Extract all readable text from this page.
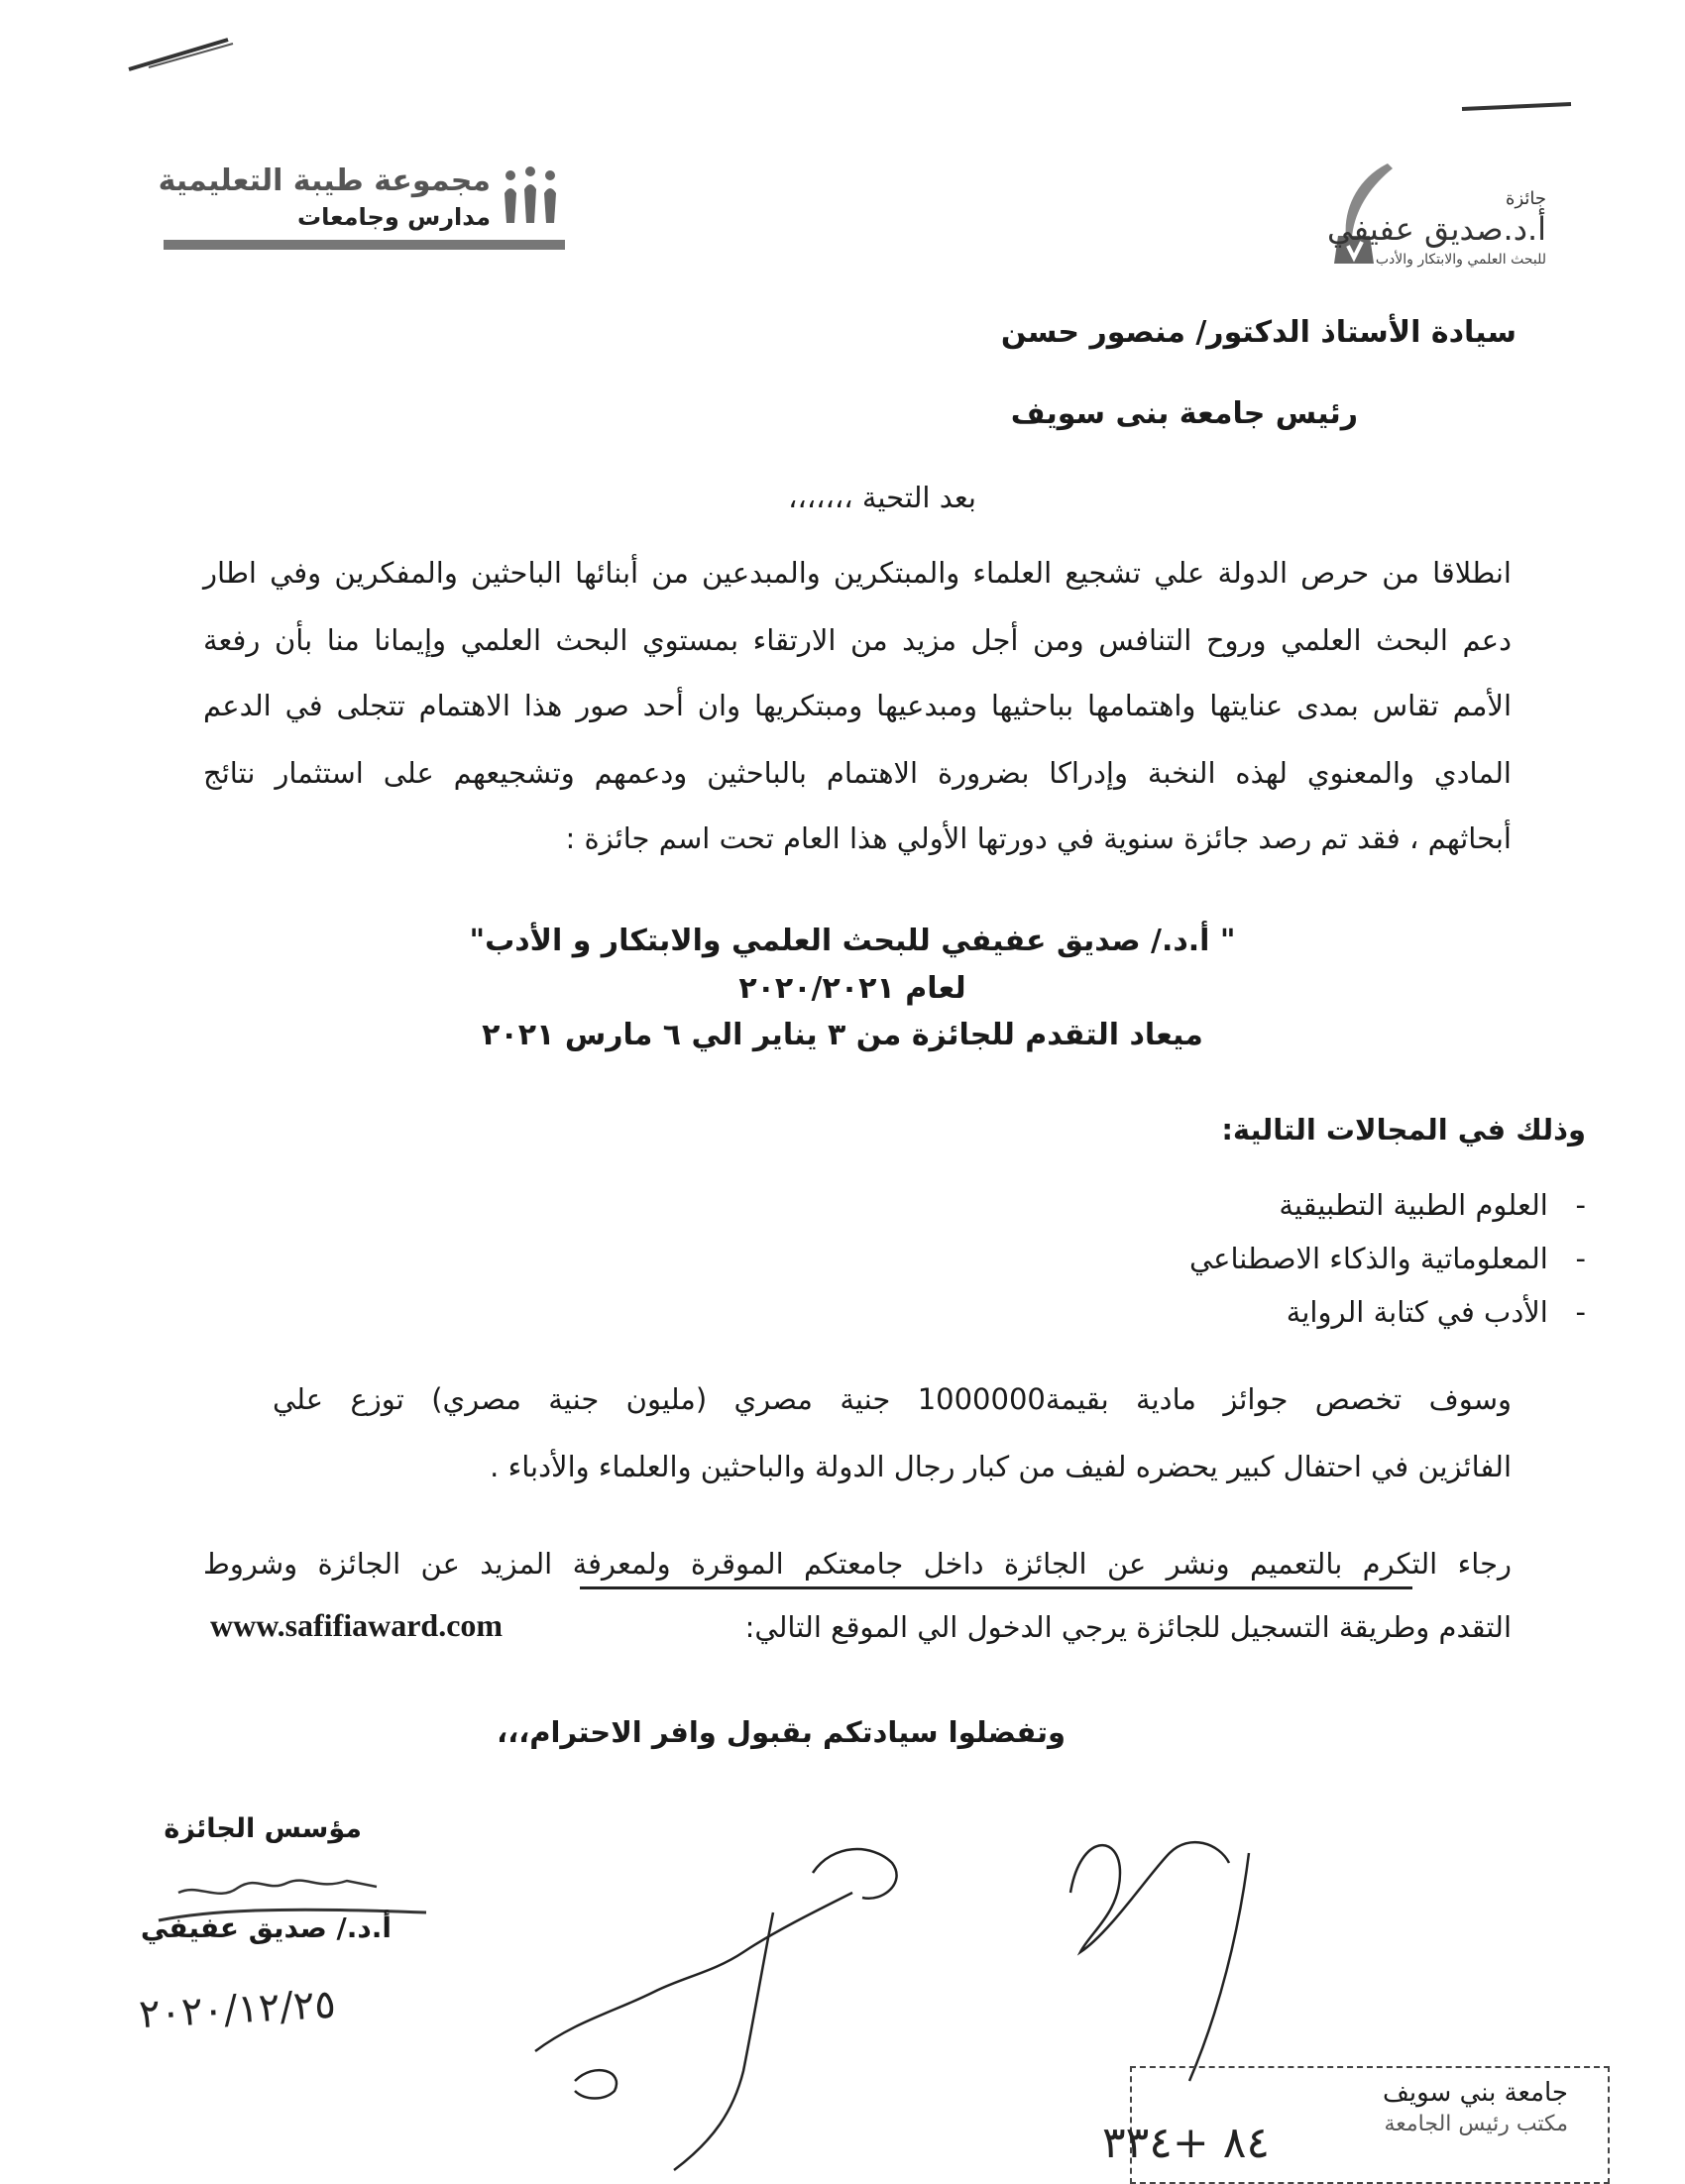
جائزة
أ.د.صديق عفيفي
للبحث العلمي والابتكار والأدب
مجموعة طيبة التعليمية
مدارس وجامعات
سيادة الأستاذ الدكتور/ منصور حسن
رئيس جامعة بنى سويف
بعد التحية ،،،،،،،
انطلاقا من حرص الدولة علي تشجيع العلماء والمبتكرين والمبدعين من أبنائها الباحثين والمفكرين وفي اطار
دعم البحث العلمي وروح التنافس ومن أجل مزيد من الارتقاء بمستوي البحث العلمي وإيمانا منا بأن رفعة
الأمم تقاس بمدى عنايتها واهتمامها بباحثيها ومبدعيها ومبتكريها وان أحد صور هذا الاهتمام تتجلى في الدعم
المادي والمعنوي لهذه النخبة وإدراكا بضرورة الاهتمام بالباحثين ودعمهم وتشجيعهم على استثمار نتائج
أبحاثهم ، فقد تم رصد جائزة سنوية في دورتها الأولي هذا العام تحت اسم جائزة :
" أ.د./ صديق عفيفي للبحث العلمي والابتكار و الأدب"
لعام ٢٠٢٠/٢٠٢١
ميعاد التقدم للجائزة من ٣ يناير الي ٦ مارس ٢٠٢١
وذلك في المجالات التالية:
-   العلوم الطبية التطبيقية
-   المعلوماتية والذكاء الاصطناعي
-   الأدب في كتابة الرواية
وسوف تخصص جوائز مادية بقيمة1000000 جنية مصري (مليون جنية مصري) توزع علي
الفائزين في احتفال كبير يحضره لفيف من كبار رجال الدولة والباحثين والعلماء والأدباء .
رجاء التكرم بالتعميم ونشر عن الجائزة داخل جامعتكم الموقرة ولمعرفة المزيد عن الجائزة وشروط
التقدم وطريقة التسجيل للجائزة يرجي الدخول الي الموقع التالي:
www.safifiaward.com
وتفضلوا سيادتكم بقبول وافر الاحترام،،،
مؤسس الجائزة
أ.د./ صديق عفيفي
٢٠٢٠/١٢/٢٥
جامعة بني سويف
مكتب رئيس الجامعة
٨٤ +٣٣٤
